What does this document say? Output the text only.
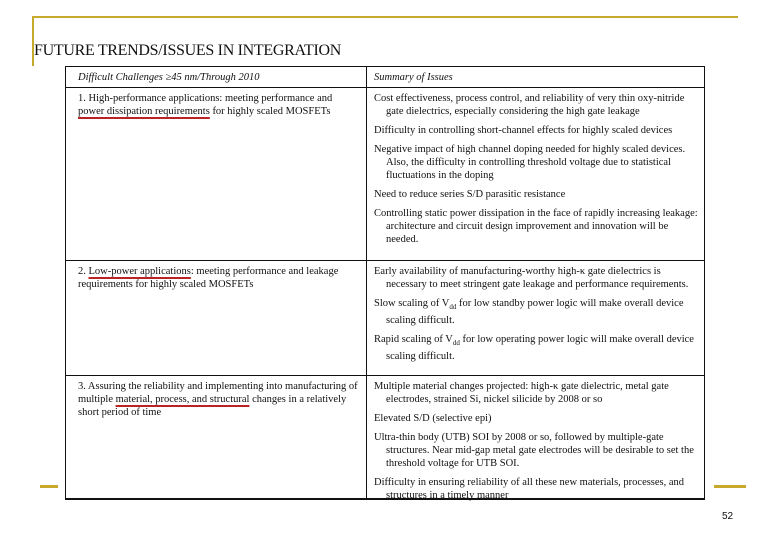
FUTURE TRENDS/ISSUES IN INTEGRATION
Difficult Challenges ≥45 nm/Through 2010	Summary of Issues
1. High-performance applications: meeting performance and power dissipation requirements for highly scaled MOSFETs
Cost effectiveness, process control, and reliability of very thin oxy-nitride gate dielectrics, especially considering the high gate leakage
Difficulty in controlling short-channel effects for highly scaled devices
Negative impact of high channel doping needed for highly scaled devices. Also, the difficulty in controlling threshold voltage due to statistical fluctuations in the doping
Need to reduce series S/D parasitic resistance
Controlling static power dissipation in the face of rapidly increasing leakage: architecture and circuit design improvement and innovation will be needed.
2. Low-power applications: meeting performance and leakage requirements for highly scaled MOSFETs
Early availability of manufacturing-worthy high-κ gate dielectrics is necessary to meet stringent gate leakage and performance requirements.
Slow scaling of $V_{dd}$ for low standby power logic will make overall device scaling difficult.
Rapid scaling of $V_{dd}$ for low operating power logic will make overall device scaling difficult.
3. Assuring the reliability and implementing into manufacturing of multiple material, process, and structural changes in a relatively short period of time
Multiple material changes projected: high-κ gate dielectric, metal gate electrodes, strained Si, nickel silicide by 2008 or so
Elevated S/D (selective epi)
Ultra-thin body (UTB) SOI by 2008 or so, followed by multiple-gate structures. Near mid-gap metal gate electrodes will be desirable to set the threshold voltage for UTB SOI.
Difficulty in ensuring reliability of all these new materials, processes, and structures in a timely manner
52
